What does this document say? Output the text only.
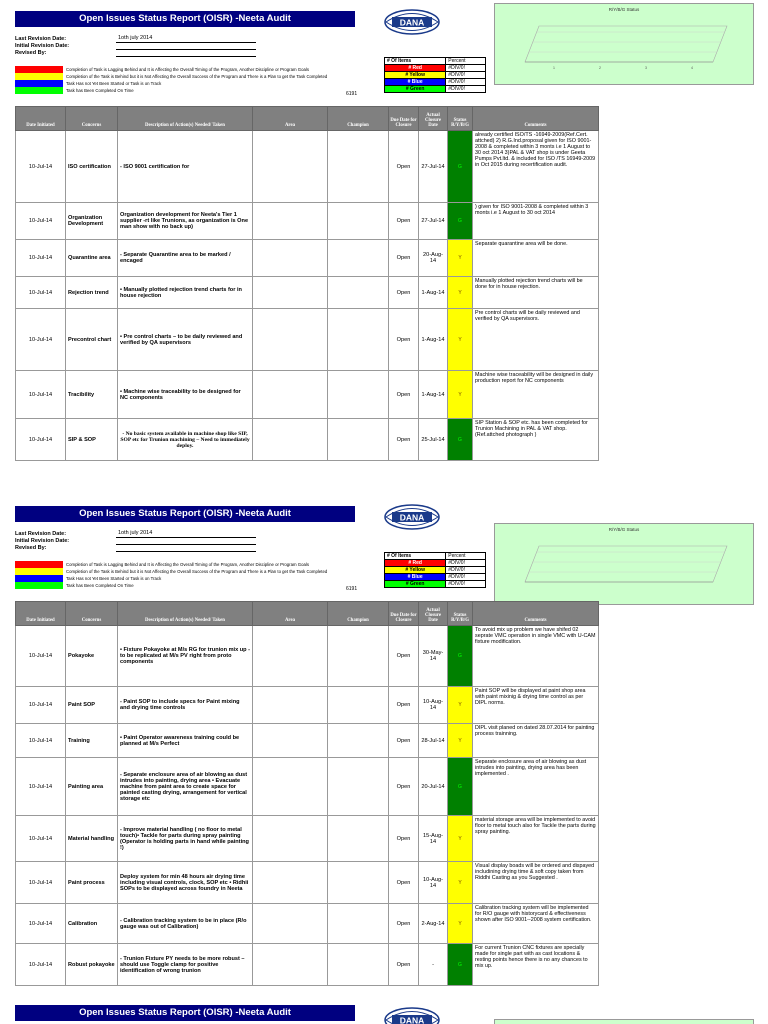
Open Issues Status Report (OISR) -Neeta Audit	DANA
R/Y/B/G Status
1	2	3	4
Last Revision Date:	1oth july 2014
Initial Revision Date:
Revised By:
Completion of Task is Lagging Behind and It is Affecting the Overall Timing of the Program, Another Discipline or Program Goals
Completion of the Task is Behind but it is Not Affecting the Overall Success of the Program and There is a Plan to get the Task Completed
Task Has not Yet Been Started or Task is on Track
Task has Been Completed On Time
6191
# Of Items	Percent
# Red	#DIV/0!
# Yellow	#DIV/0!
# Blue	#DIV/0!
# Green	#DIV/0!
Date Initiated	Concerns	Description of Action(s) Needed/ Taken	Area	Champion	Due Date for Closure	Actual Closure Date	Status R/Y/B/G	Comments
10-Jul-14	ISO certification	- ISO 9001 certification for			Open	27-Jul-14	G	already certified ISO/TS -16949-2009(Ref.Cert. attched) 2) R.G.Ind.proposal given for ISO 9001-2008 & completed within 3 monts i.e 1 August to 30 oct 2014 3)PAL & VAT shop is under Geeta Pumps Pvt.ltd. & included for ISO /TS 16949-2009 in Oct 2015 during recertification audit.
10-Jul-14	Organization Development	Organization development for Neeta's Tier 1 supplier -rt like Trunions, as organization is One man show with no back up)			Open	27-Jul-14	G	) given for ISO 9001-2008 & completed within 3 monts i.e 1 August to 30 oct 2014
10-Jul-14	Quarantine area	- Separate Quarantine area to be marked / encaged			Open	20-Aug-14	Y	Separate quarantine area will be done.
10-Jul-14	Rejection trend	• Manually plotted rejection trend charts for in house rejection			Open	1-Aug-14	Y	Manually plotted rejection trend charts will be done for in house rejection.
10-Jul-14	Precontrol chart	• Pre control charts – to be daily reviewed and verified by QA supervisors			Open	1-Aug-14	Y	Pre control charts will be daily reviewed and verified by QA supervisors.
10-Jul-14	Tracibility	• Machine wise traceability to be designed for NC components			Open	1-Aug-14	Y	Machine wise traceability will be designed in daily production report for NC components
10-Jul-14	SIP & SOP	- No basic system available in machine shop like SIP, SOP etc for Trunion machining – Need to immediately deploy.			Open	25-Jul-14	G	SIP Station & SOP etc. has been completed for Trunion Machining in PAL & VAT shop. (Ref.attched photograph )
Open Issues Status Report (OISR) -Neeta Audit	DANA
R/Y/B/G Status
Last Revision Date:	1oth july 2014
Initial Revision Date:
Revised By:
Completion of Task is Lagging Behind and It is Affecting the Overall Timing of the Program, Another Discipline or Program Goals
Completion of the Task is Behind but it is Not Affecting the Overall Success of the Program and There is a Plan to get the Task Completed
Task Has not Yet Been Started or Task is on Track
Task has Been Completed On Time
6191
# Of Items	Percent
# Red	#DIV/0!
# Yellow	#DIV/0!
# Blue	#DIV/0!
# Green	#DIV/0!
Date Initiated	Concerns	Description of Action(s) Needed/ Taken	Area	Champion	Due Date for Closure	Actual Closure Date	Status R/Y/B/G	Comments
10-Jul-14	Pokayoke	• Fixture Pokayoke at M/s RG for trunion mix up - to be replicated at M/s PV right from proto components			Open	30-May-14	G	To avoid mix up problem we have shifed 02 seprate VMC operation in single VMC with U-CAM fixture modification.
10-Jul-14	Paint SOP	- Paint SOP to include specs for Paint mixing and drying time controls			Open	10-Aug-14	Y	Paint SOP will be displayed at paint shop area with paint mixinig & drying time control as per DIPL norms.
10-Jul-14	Training	• Paint Operator awareness training could be planned at M/s Perfect			Open	28-Jul-14	Y	DIPL visit planed on dated 28.07.2014 for painting process trainning.
10-Jul-14	Painting area	- Separate enclosure area of air blowing as dust intrudes into painting, drying area • Evacuate machine from paint area to create space for painted casting drying, arrangement for vertical storage etc			Open	20-Jul-14	G	Separate enclosure area of air blowing as dust intrudes into painting, drying area has been implemented .
10-Jul-14	Material handling	- Improve material handling ( no floor to metal touch)• Tackle for parts during spray painting (Operator is holding parts in hand while painting !)			Open	15-Aug-14	Y	material storage area will be implemented to avoid floor to metal touch also for Tackle the parts during spray painting.
10-Jul-14	Paint process	Deploy system for min 48 hours air drying time including visual controls, clock, SOP etc • Ridhii SOPs to be displayed across foundry in Neeta			Open	10-Aug-14	Y	Visual display boads will be ordered and dispayed includining drying time & soft copy taken from Riddhi Casting as you Suggested .
10-Jul-14	Calibration	- Calibration tracking system to be in place (R/o gauge was out of Calibration)			Open	2-Aug-14	Y	Calibration tracking system will be implemented for R/O gauge with historycard & effectiveness shown after ISO 9001--2008 system certification.
10-Jul-14	Robust pokayoke	- Trunion Fixture PY needs to be more robust – should use Toggle clamp for positive identification of wrong trunion			Open	-	G	For current Trunion CNC fixtures are specially made for single part with as cast locations & resting points hence there is no any chances to mix up.
Open Issues Status Report (OISR) -Neeta Audit
DANA
